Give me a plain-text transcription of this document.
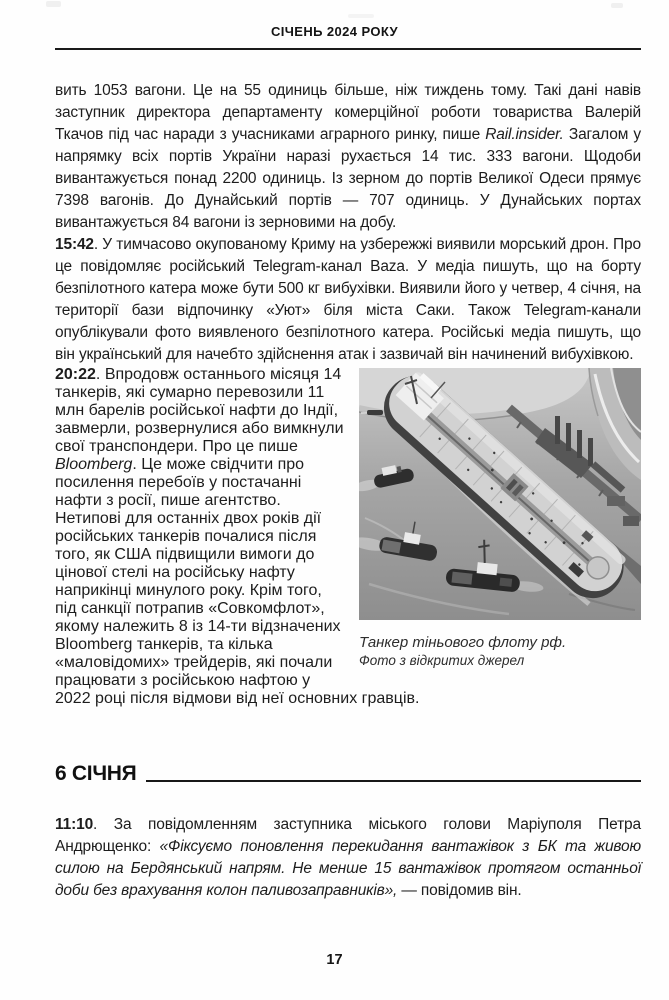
СІЧЕНЬ 2024 РОКУ

вить 1053 вагони. Це на 55 одиниць більше, ніж тиждень тому. Такі дані навів заступник директора департаменту комерційної роботи товариства Валерій Ткачов під час наради з учасниками аграрного ринку, пише Rail.insider. Загалом у напрямку всіх портів України наразі рухається 14 тис. 333 вагони. Щодоби вивантажується понад 2200 одиниць. Із зерном до портів Великої Одеси прямує 7398 вагонів. До Дунайський портів — 707 одиниць. У Дунайських портах вивантажується 84 вагони із зерновими на добу.

15:42. У тимчасово окупованому Криму на узбережжі виявили морський дрон. Про це повідомляє російський Telegram-канал Baza. У медіа пишуть, що на борту безпілотного катера може бути 500 кг вибухівки. Виявили його у четвер, 4 січня, на території бази відпочинку «Уют» біля міста Саки. Також Telegram-канали опублікували фото виявленого безпілотного катера. Російські медіа пишуть, що він український для начебто здійснення атак і зазвичай він начинений вибухівкою.

Танкер тіньового флоту рф.
Фото з відкритих джерел
20:22. Впродовж останнього місяця 14 танкерів, які сумарно перевозили 11 млн барелів російської нафти до Індії, завмерли, розвернулися або вимкнули свої транспондери. Про це пише Bloomberg. Це може свідчити про посилення перебоїв у постачанні нафти з росії, пише агентство. Нетипові для останніх двох років дії російських танкерів почалися після того, як США підвищили вимоги до цінової стелі на російську нафту наприкінці минулого року. Крім того, під санкції потрапив «Совкомфлот», якому належить 8 із 14-ти відзначених Bloomberg танкерів, та кілька «маловідомих» трейдерів, які почали працювати з російською нафтою у 2022 році після відмови від неї основних гравців.

6 СІЧНЯ

11:10. За повідомленням заступника міського голови Маріуполя Петра Андрющенко: «Фіксуємо поновлення перекидання вантажівок з БК та живою силою на Бердянський напрям. Не менше 15 вантажівок протягом останньої доби без врахування колон паливозаправників», — повідомив він.

17
